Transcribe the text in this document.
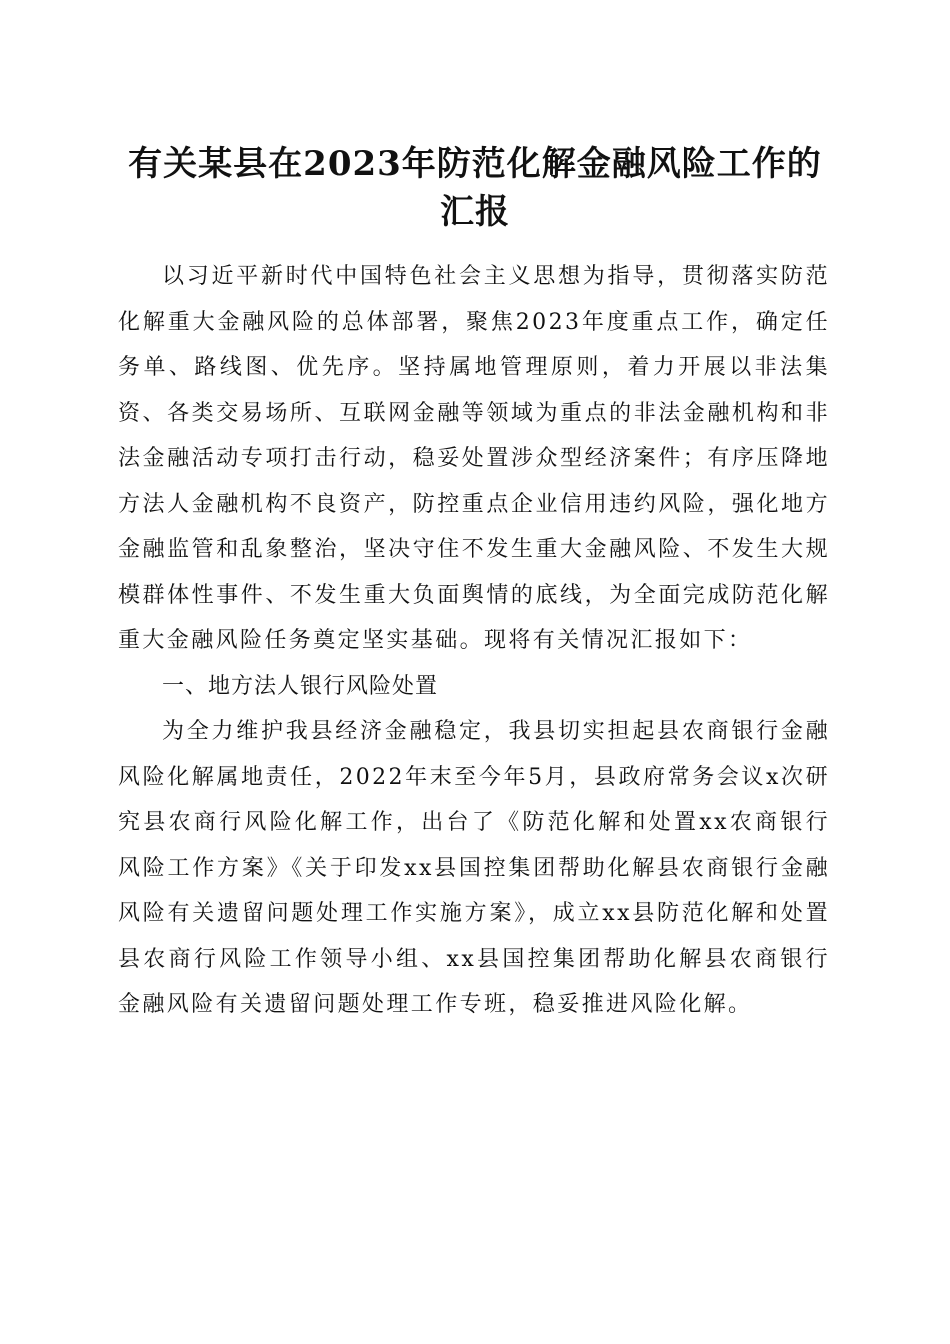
有关某县在2023年防范化解金融风险工作的
汇报

以习近平新时代中国特色社会主义思想为指导，贯彻落实防范化解重大金融风险的总体部署，聚焦2023年度重点工作，确定任务单、路线图、优先序。坚持属地管理原则，着力开展以非法集资、各类交易场所、互联网金融等领域为重点的非法金融机构和非法金融活动专项打击行动，稳妥处置涉众型经济案件；有序压降地方法人金融机构不良资产，防控重点企业信用违约风险，强化地方金融监管和乱象整治，坚决守住不发生重大金融风险、不发生大规模群体性事件、不发生重大负面舆情的底线，为全面完成防范化解重大金融风险任务奠定坚实基础。现将有关情况汇报如下：

一、地方法人银行风险处置

为全力维护我县经济金融稳定，我县切实担起县农商银行金融风险化解属地责任，2022年末至今年5月，县政府常务会议x次研究县农商行风险化解工作，出台了《防范化解和处置xx农商银行风险工作方案》《关于印发xx县国控集团帮助化解县农商银行金融风险有关遗留问题处理工作实施方案》，成立xx县防范化解和处置县农商行风险工作领导小组、xx县国控集团帮助化解县农商银行金融风险有关遗留问题处理工作专班，稳妥推进风险化解。
